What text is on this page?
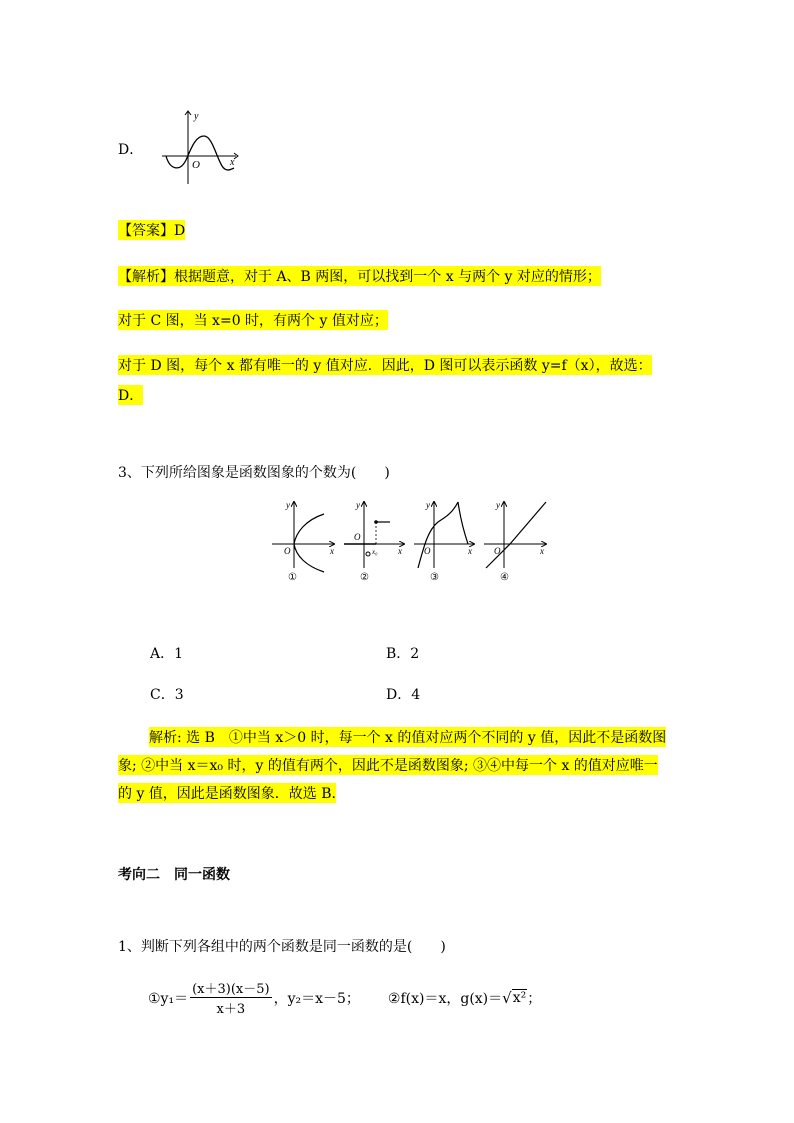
D．
y
x
O
【答案】D
【解析】根据题意，对于 A、B 两图，可以找到一个 x 与两个 y 对应的情形；
对于 C 图，当 x=0 时，有两个 y 值对应；
对于 D 图，每个 x 都有唯一的 y 值对应．因此，D 图可以表示函数 y=f（x），故选：
D．
3、下列所给图象是函数图象的个数为(　　)
y
x
O
①
y
x
O
x₀
②
y
x
O
③
y
x
O
④
A．1	B．2
C．3	D．4
解析: 选 B　①中当 x＞0 时，每一个 x 的值对应两个不同的 y 值，因此不是函数图
象; ②中当 x＝x₀ 时，y 的值有两个，因此不是函数图象; ③④中每一个 x 的值对应唯一
的 y 值，因此是函数图象．故选 B.
考向二　同一函数
1、判断下列各组中的两个函数是同一函数的是(　　)
①y₁＝ $\frac{(x+3)(x-5)}{x+3}$ ，y₂＝x－5； ②f(x)＝x，g(x)＝ √ x² ；
